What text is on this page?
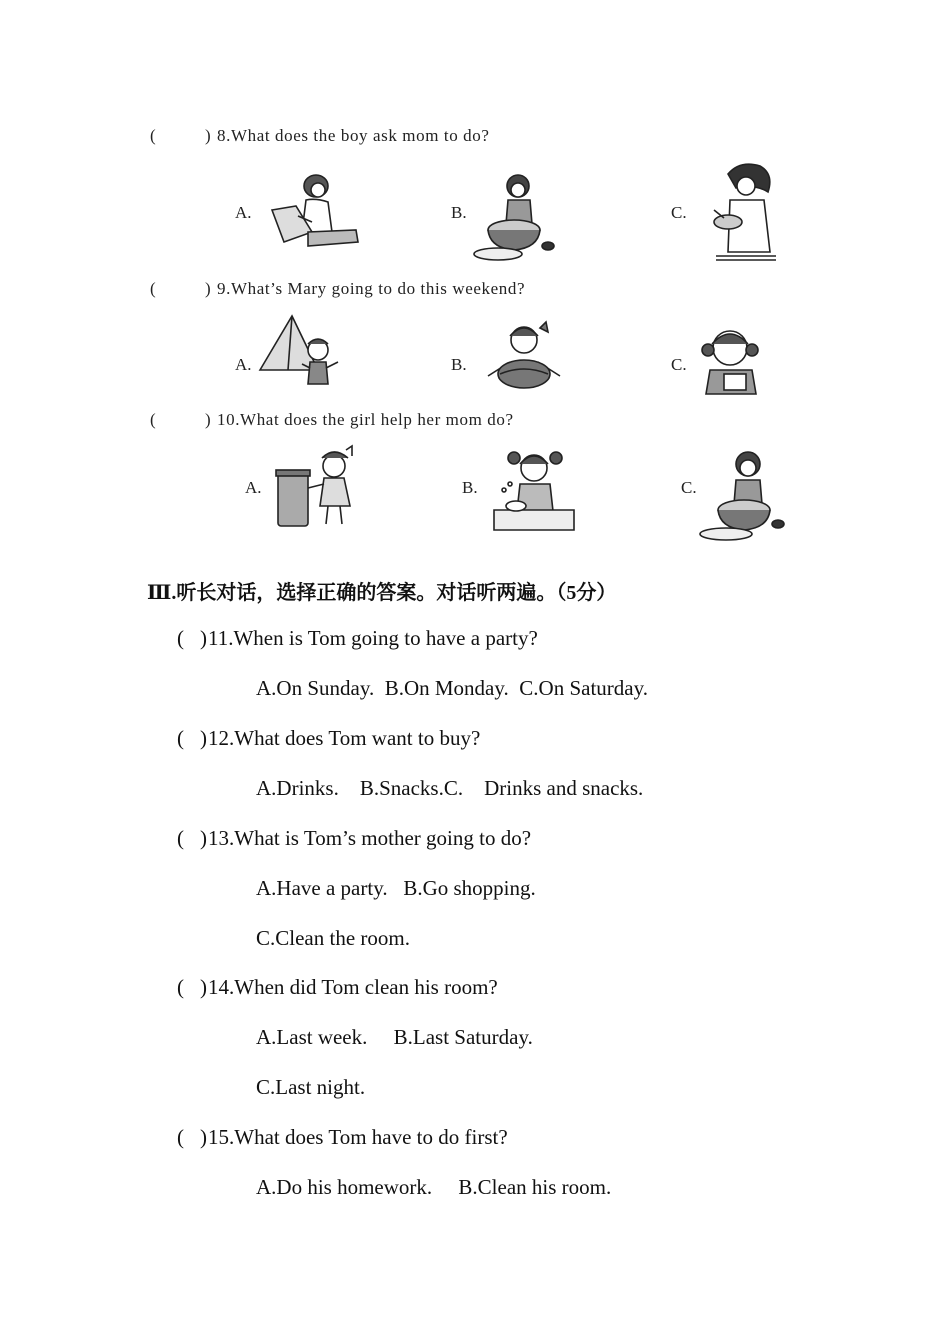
(	) 8.What does the boy ask mom to do?
A.	B.	C.
(	) 9.What’s Mary going to do this weekend?
A.	B.	C.
(	) 10.What does the girl help her mom do?
A.	B.	C.
Ⅲ.听长对话，选择正确的答案。对话听两遍。（5分）
( ) 11.When is Tom going to have a party?
A.On Sunday.  B.On Monday.  C.On Saturday.
( ) 12.What does Tom want to buy?
A.Drinks.    B.Snacks.C.    Drinks and snacks.
( ) 13.What is Tom’s mother going to do?
A.Have a party.   B.Go shopping.
C.Clean the room.
( ) 14.When did Tom clean his room?
A.Last week.     B.Last Saturday.
C.Last night.
( ) 15.What does Tom have to do first?
A.Do his homework.     B.Clean his room.
